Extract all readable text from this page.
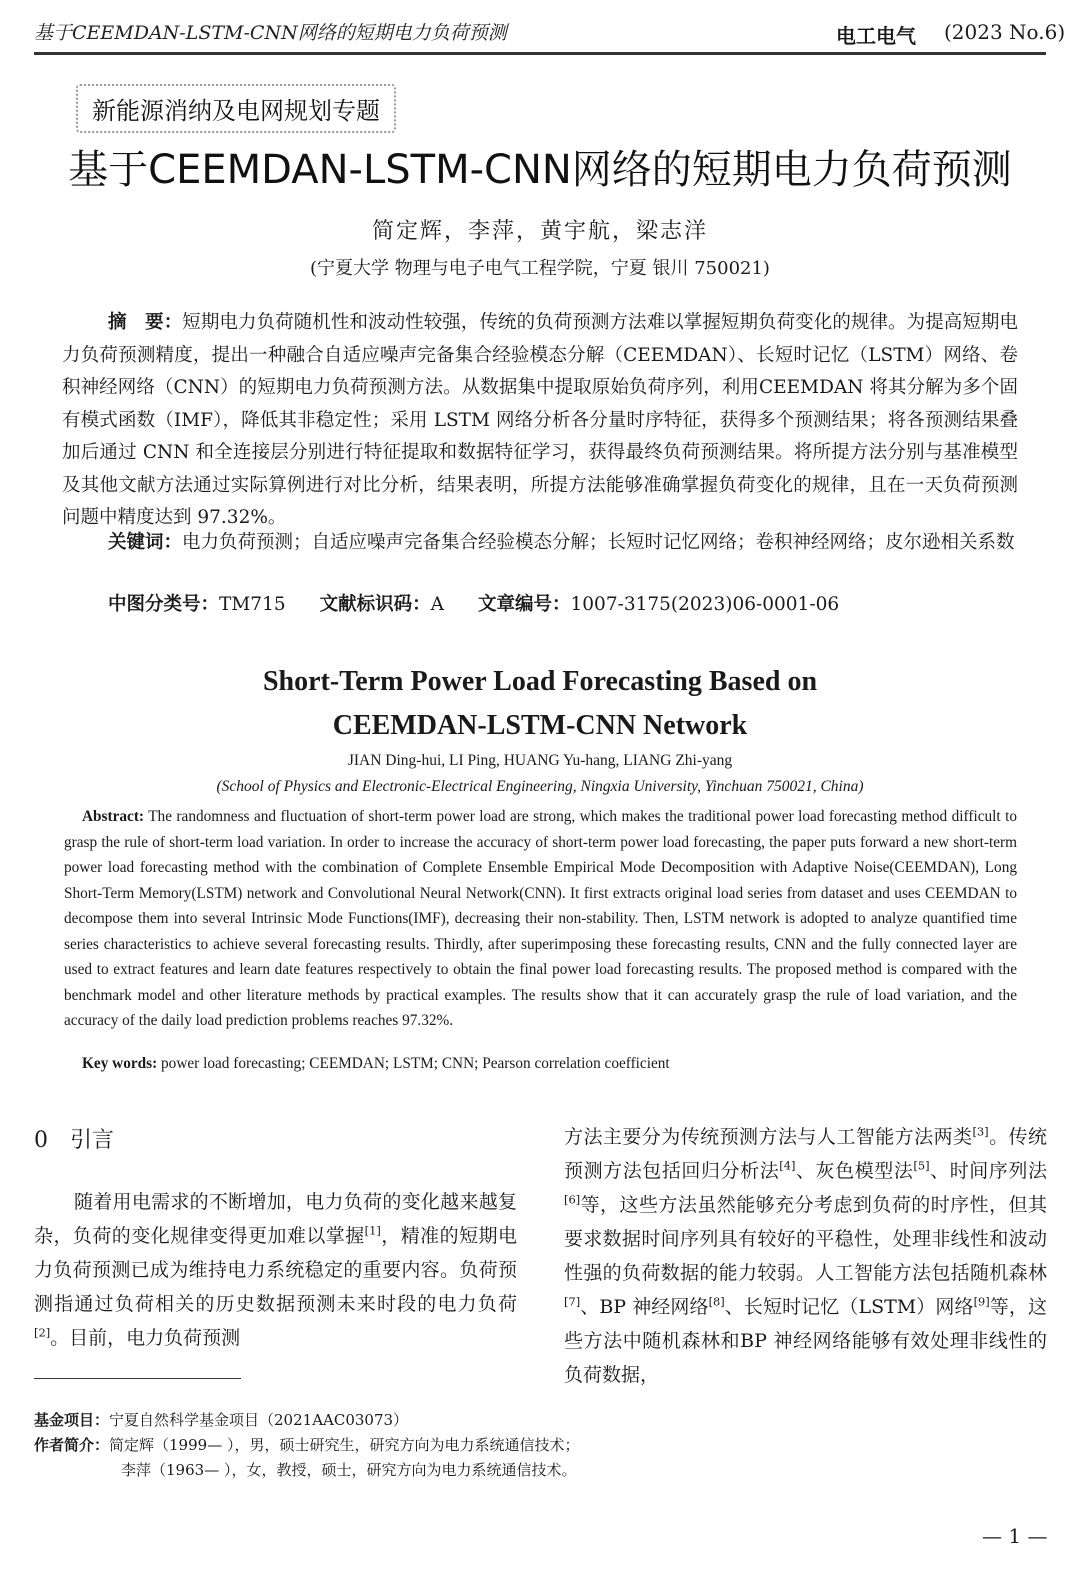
基于CEEMDAN-LSTM-CNN网络的短期电力负荷预测	电工电气 (2023 No.6)
新能源消纳及电网规划专题
基于CEEMDAN-LSTM-CNN网络的短期电力负荷预测
简定辉，李萍，黄宇航，梁志洋
(宁夏大学 物理与电子电气工程学院，宁夏 银川 750021)
摘　要：短期电力负荷随机性和波动性较强，传统的负荷预测方法难以掌握短期负荷变化的规律。为提高短期电力负荷预测精度，提出一种融合自适应噪声完备集合经验模态分解（CEEMDAN）、长短时记忆（LSTM）网络、卷积神经网络（CNN）的短期电力负荷预测方法。从数据集中提取原始负荷序列，利用CEEMDAN 将其分解为多个固有模式函数（IMF），降低其非稳定性；采用 LSTM 网络分析各分量时序特征，获得多个预测结果；将各预测结果叠加后通过 CNN 和全连接层分别进行特征提取和数据特征学习，获得最终负荷预测结果。将所提方法分别与基准模型及其他文献方法通过实际算例进行对比分析，结果表明，所提方法能够准确掌握负荷变化的规律，且在一天负荷预测问题中精度达到 97.32%。
关键词：电力负荷预测；自适应噪声完备集合经验模态分解；长短时记忆网络；卷积神经网络；皮尔逊相关系数
中图分类号：TM715 文献标识码：A 文章编号：1007-3175(2023)06-0001-06
Short-Term Power Load Forecasting Based on
CEEMDAN-LSTM-CNN Network
JIAN Ding-hui, LI Ping, HUANG Yu-hang, LIANG Zhi-yang
(School of Physics and Electronic-Electrical Engineering, Ningxia University, Yinchuan 750021, China)
Abstract: The randomness and fluctuation of short-term power load are strong, which makes the traditional power load forecasting method difficult to grasp the rule of short-term load variation. In order to increase the accuracy of short-term power load forecasting, the paper puts forward a new short-term power load forecasting method with the combination of Complete Ensemble Empirical Mode Decomposition with Adaptive Noise(CEEMDAN), Long Short-Term Memory(LSTM) network and Convolutional Neural Network(CNN). It first extracts original load series from dataset and uses CEEMDAN to decompose them into several Intrinsic Mode Functions(IMF), decreasing their non-stability. Then, LSTM network is adopted to analyze quantified time series characteristics to achieve several forecasting results. Thirdly, after superimposing these forecasting results, CNN and the fully connected layer are used to extract features and learn date features respectively to obtain the final power load forecasting results. The proposed method is compared with the benchmark model and other literature methods by practical examples. The results show that it can accurately grasp the rule of load variation, and the accuracy of the daily load prediction problems reaches 97.32%.
Key words: power load forecasting; CEEMDAN; LSTM; CNN; Pearson correlation coefficient
0　引言
随着用电需求的不断增加，电力负荷的变化越来越复杂，负荷的变化规律变得更加难以掌握[1]，精准的短期电力负荷预测已成为维持电力系统稳定的重要内容。负荷预测指通过负荷相关的历史数据预测未来时段的电力负荷[2]。目前，电力负荷预测
方法主要分为传统预测方法与人工智能方法两类[3]。传统预测方法包括回归分析法[4]、灰色模型法[5]、时间序列法[6]等，这些方法虽然能够充分考虑到负荷的时序性，但其要求数据时间序列具有较好的平稳性，处理非线性和波动性强的负荷数据的能力较弱。人工智能方法包括随机森林[7]、BP 神经网络[8]、长短时记忆（LSTM）网络[9]等，这些方法中随机森林和BP 神经网络能够有效处理非线性的负荷数据，
基金项目：宁夏自然科学基金项目（2021AAC03073）
作者简介：简定辉（1999— ），男，硕士研究生，研究方向为电力系统通信技术；
李萍（1963— ），女，教授，硕士，研究方向为电力系统通信技术。
— 1 —
